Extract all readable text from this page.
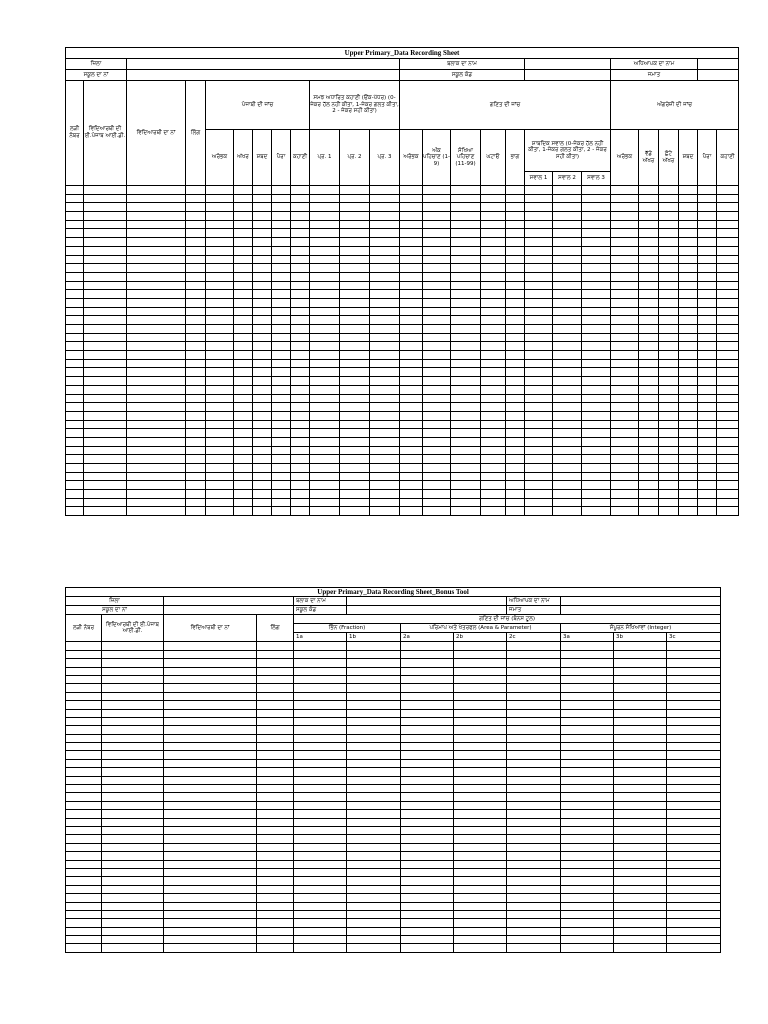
Upper Primary_Data Recording Sheet																									
ਜ਼ਿਲਾ												ਬਲਾਕ ਦਾ ਨਾਮ								ਅਧਿਆਪਕ ਦਾ ਨਾਮ					
ਸਕੂਲ ਦਾ ਨਾਂ												ਸਕੂਲ ਕੋਡ								ਜਮਾਤ					
ਲੜੀ ਨੰਬਰ	ਵਿਦਿਆਰਥੀ ਦੀ ਈ.ਪੰਜਾਬ ਆਈ.ਡੀ.	ਵਿਦਿਆਰਥੀ ਦਾ ਨਾਂ	ਲਿੰਗ	ਪੰਜਾਬੀ ਦੀ ਜਾਂਚ					ਸਮਝ ਅਧਾਰਿਤ ਕਹਾਣੀ (ਓਂਕ-ਪੱਧਰ) (0-ਜੇਕਰ ਹੱਲ ਨਹੀਂ ਕੀਤਾ, 1-ਜੇਕਰ ਗਲਤ ਕੀਤਾ, 2 - ਜੇਕਰ ਸਹੀ ਕੀਤਾ)			ਗਣਿਤ ਦੀ ਜਾਂਚ								ਅੰਗਰੇਜ਼ੀ ਦੀ ਜਾਂਚ					
				ਅਰੰਭਕ	ਅੱਖਰ	ਸ਼ਬਦ	ਪੈਰਾ	ਕਹਾਣੀ	ਪ੍ਰ. 1	ਪ੍ਰ. 2	ਪ੍ਰ. 3	ਅਰੰਭਕ	ਅੰਕ ਪਹਿਚਾਣ (1-9)	ਸੰਖਿਆ ਪਹਿਚਾਣ (11-99)	ਘਟਾਓ	ਭਾਗ	ਸ਼ਾਬਦਿਕ ਸਵਾਲ (0-ਜੇਕਰ ਹੱਲ ਨਹੀਂ ਕੀਤਾ, 1-ਜੇਕਰ ਗਲਤ ਕੀਤਾ, 2 - ਜੇਕਰ ਸਹੀ ਕੀਤਾ)			ਅਰੰਭਕ	ਵੱਡੇ ਅੱਖਰ	ਛੋਟੇ ਅੱਖਰ	ਸ਼ਬਦ	ਪੈਰਾ	ਕਹਾਣੀ
																	ਸਵਾਲ 1	ਸਵਾਲ 2	ਸਵਾਲ 3						

Upper Primary_Data Recording Sheet_Bonus Tool											
ਜ਼ਿਲਾ				ਬਲਾਕ ਦਾ ਨਾਮ				ਅਧਿਆਪਕ ਦਾ ਨਾਮ			
ਸਕੂਲ ਦਾ ਨਾਂ				ਸਕੂਲ ਕੋਡ				ਜਮਾਤ			
ਲੜੀ ਨੰਬਰ	ਵਿਦਿਆਰਥੀ ਦੀ ਈ.ਪੰਜਾਬ ਆਈ.ਡੀ.	ਵਿਦਿਆਰਥੀ ਦਾ ਨਾਂ	ਲਿੰਗ	ਗਣਿਤ ਦੀ ਜਾਂਚ (ਬੋਨਸ ਟੂਲ)							
				ਭਿੰਨ (Fraction)		ਪਰਿਮਾਪ ਅਤੇ ਖੇਤਰਫਲ (Area & Parameter)			ਸੰਪੂਰਨ ਸੰਖਿਆਵਾਂ (Integer)		
				1a	1b	2a	2b	2c	3a	3b	3c
